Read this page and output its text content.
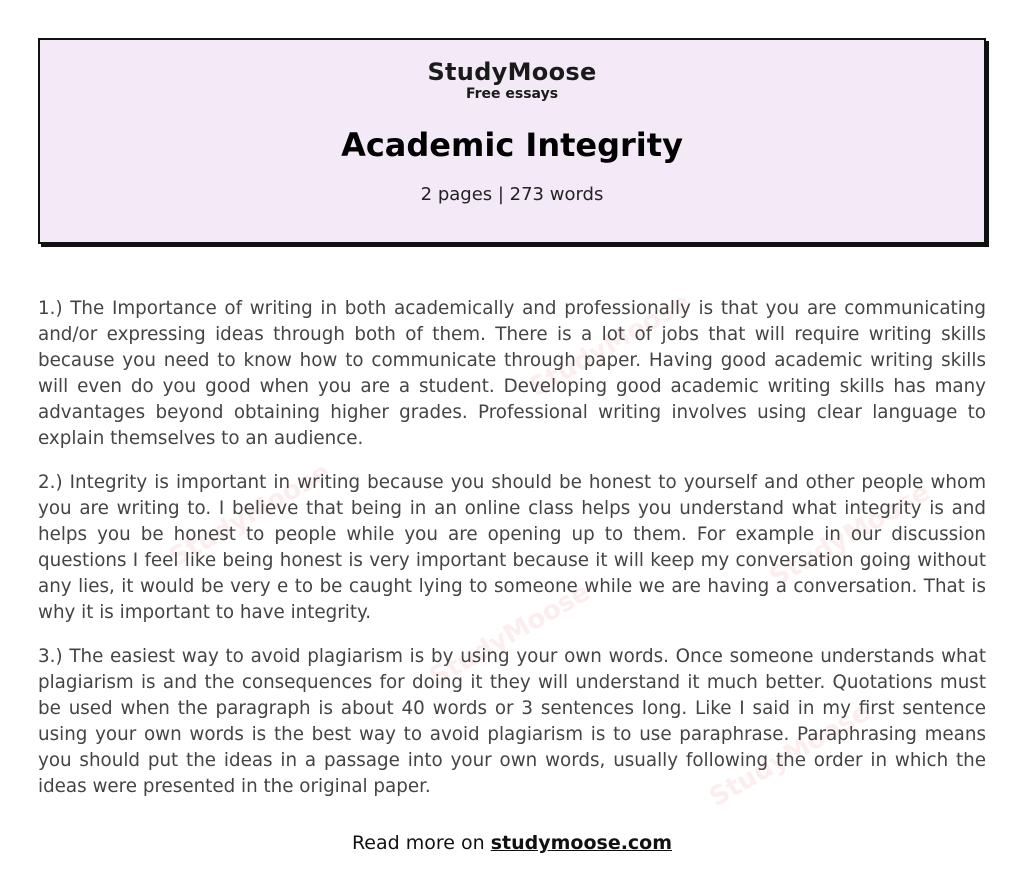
StudyMoose
StudyMoose
StudyMoose
StudyMoose
StudyMoose
StudyMoose
Free essays
Academic Integrity
2 pages | 273 words

1.) The Importance of writing in both academically and professionally is that you are communicating and/or expressing ideas through both of them. There is a lot of jobs that will require writing skills because you need to know how to communicate through paper. Having good academic writing skills will even do you good when you are a student. Developing good academic writing skills has many advantages beyond obtaining higher grades. Professional writing involves using clear language to explain themselves to an audience.

2.) Integrity is important in writing because you should be honest to yourself and other people whom you are writing to. I believe that being in an online class helps you understand what integrity is and helps you be honest to people while you are opening up to them. For example in our discussion questions I feel like being honest is very important because it will keep my conversation going without any lies, it would be very e to be caught lying to someone while we are having a conversation. That is why it is important to have integrity.

3.) The easiest way to avoid plagiarism is by using your own words. Once someone understands what plagiarism is and the consequences for doing it they will understand it much better. Quotations must be used when the paragraph is about 40 words or 3 sentences long. Like I said in my first sentence using your own words is the best way to avoid plagiarism is to use paraphrase. Paraphrasing means you should put the ideas in a passage into your own words, usually following the order in which the ideas were presented in the original paper.

Read more on studymoose.com
